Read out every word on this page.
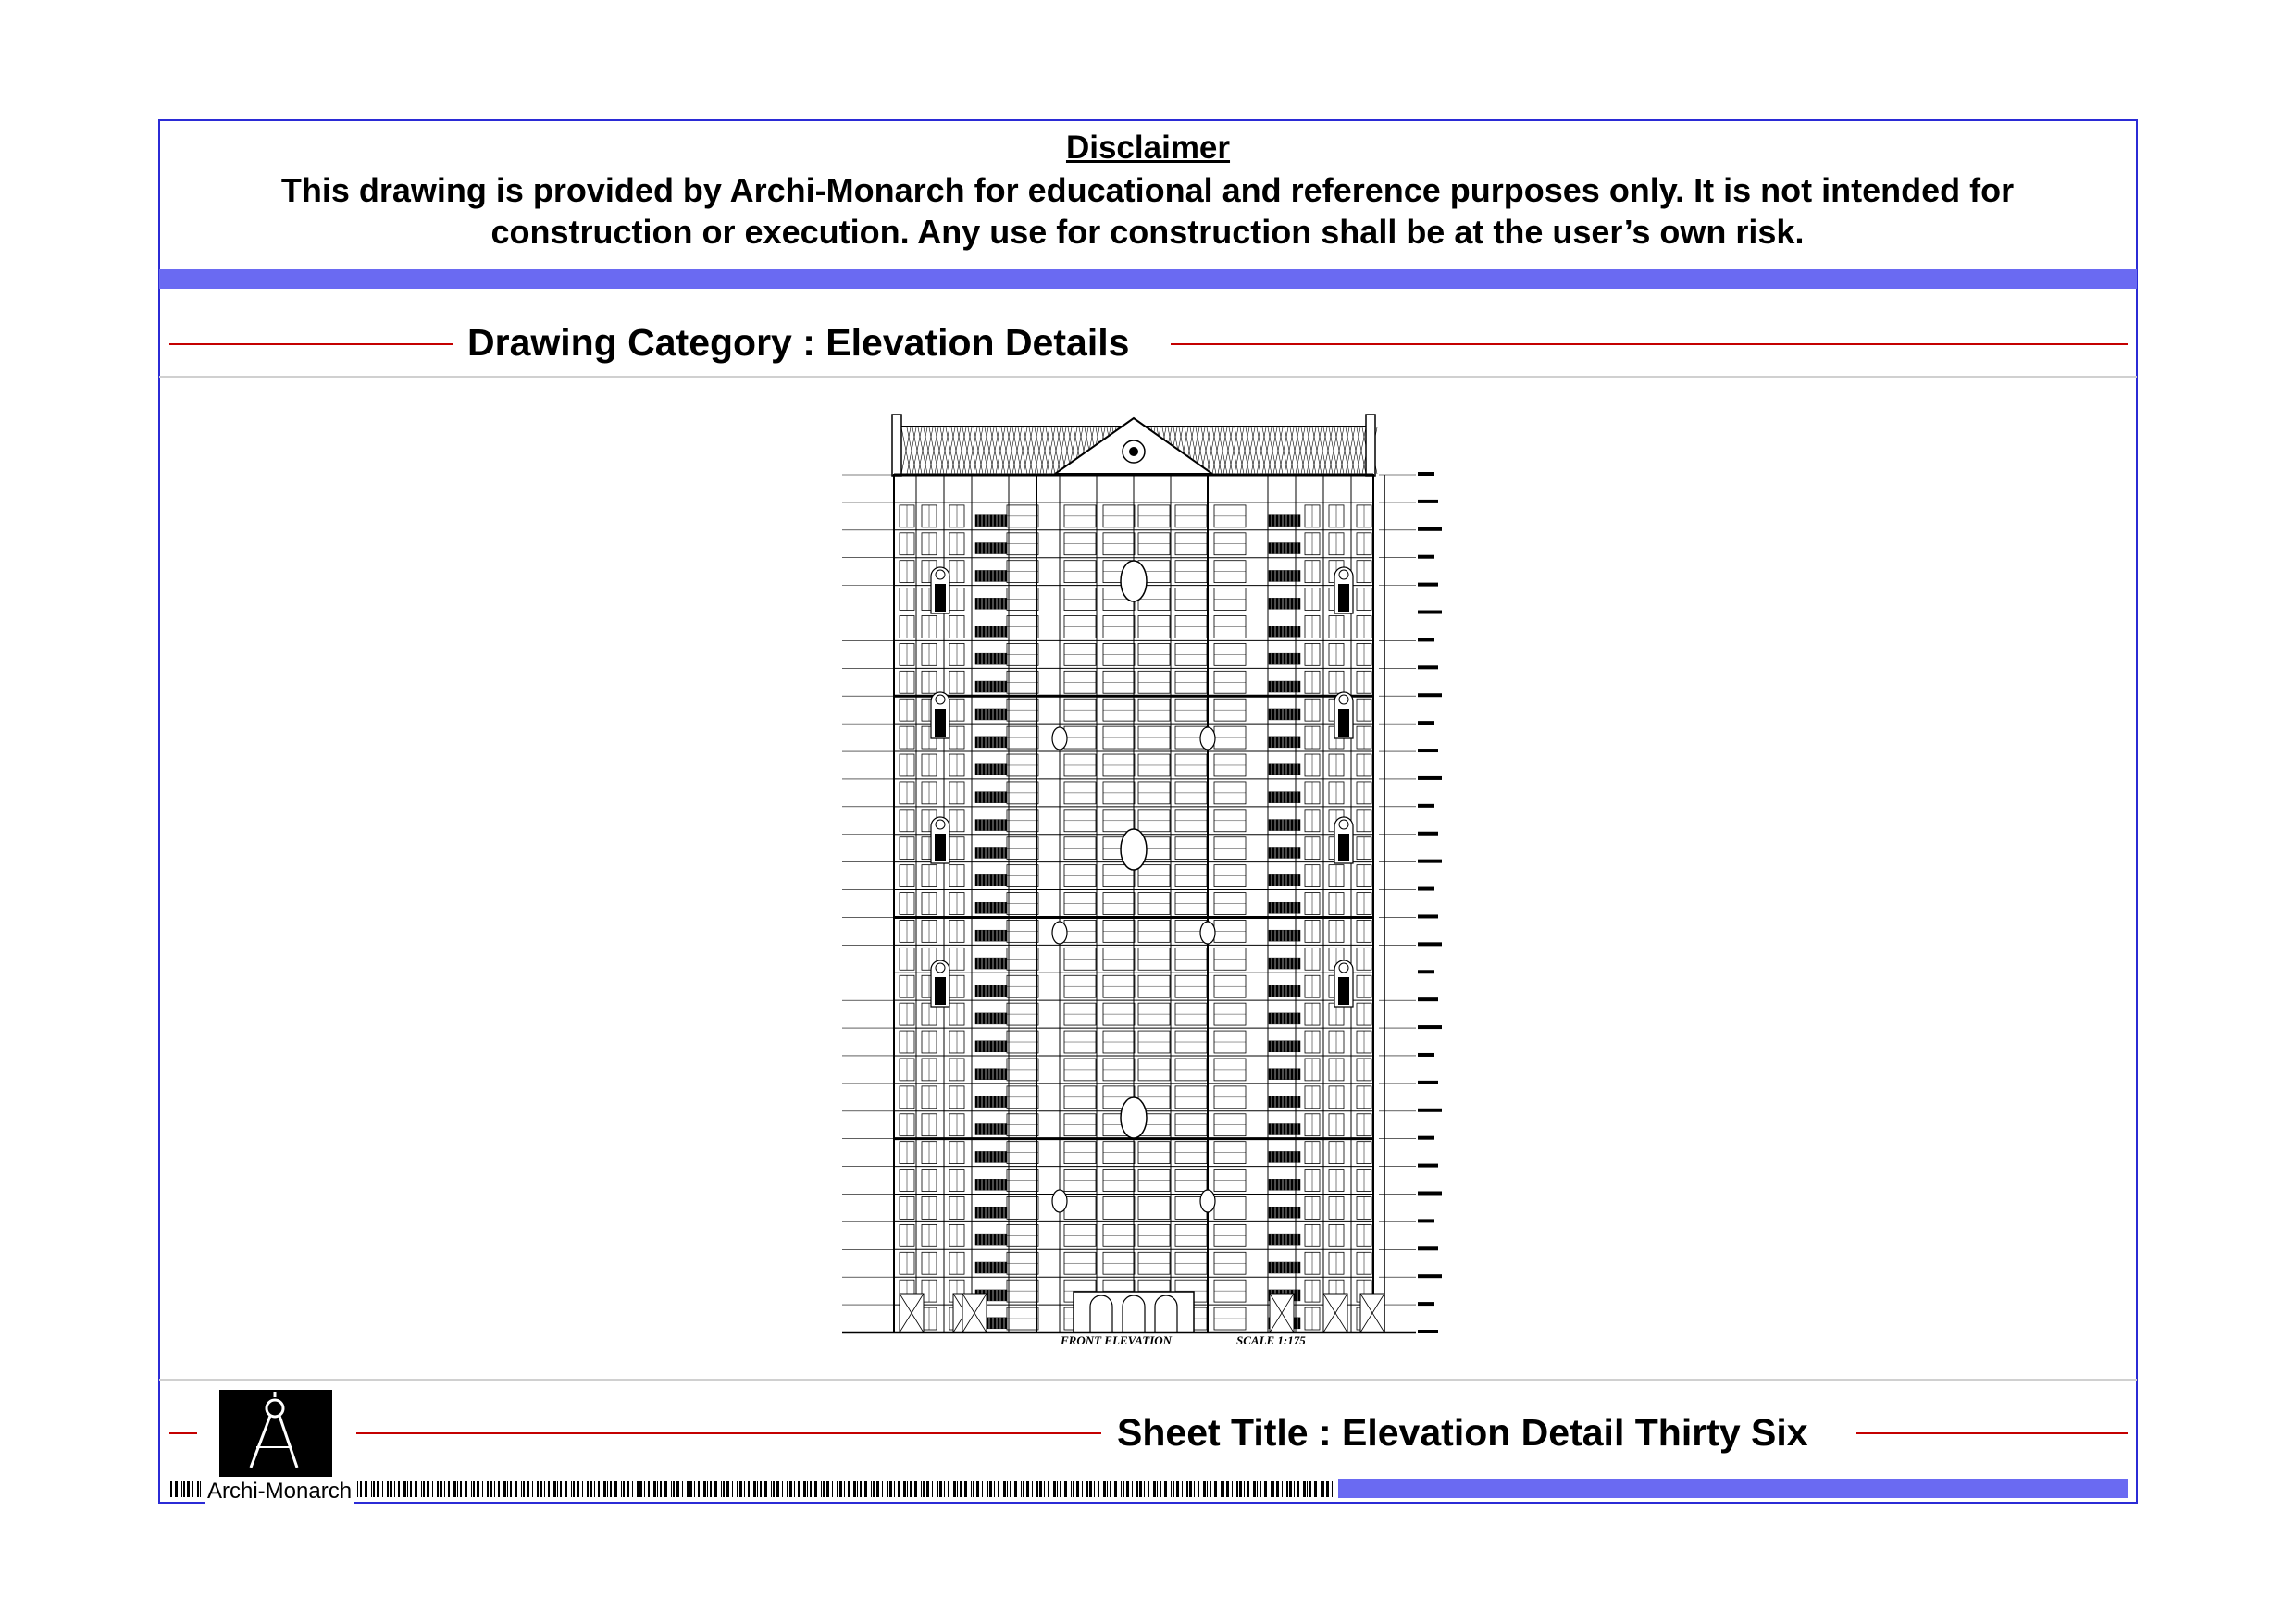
Disclaimer
This drawing is provided by Archi-Monarch for educational and reference purposes only. It is not intended for
construction or execution. Any use for construction shall be at the user’s own risk.
Drawing Category : Elevation Details
FRONT ELEVATION	SCALE 1:175
Sheet Title : Elevation Detail Thirty Six
Archi-Monarch
